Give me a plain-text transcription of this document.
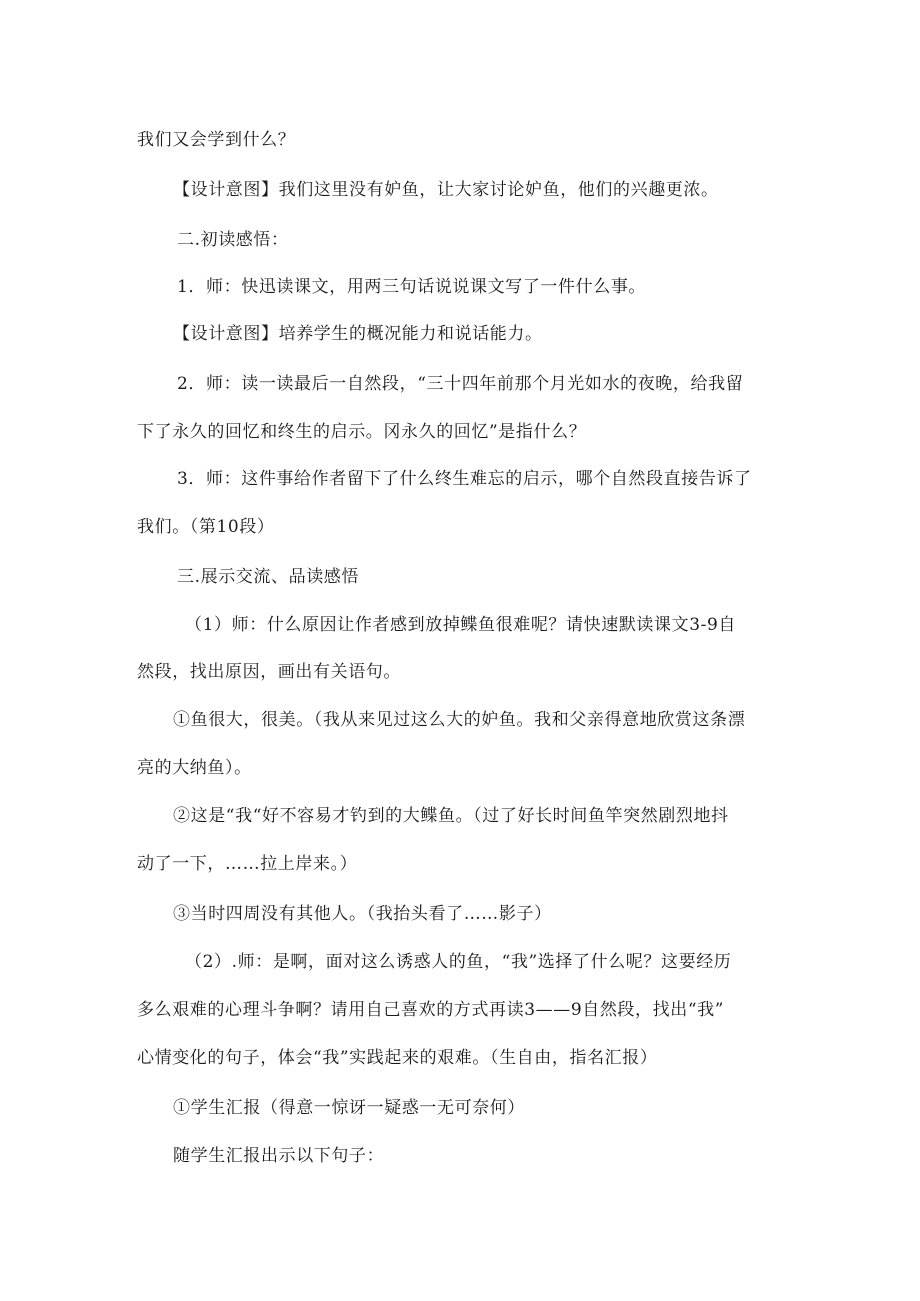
我们又会学到什么？
【设计意图】我们这里没有妒鱼，让大家讨论妒鱼，他们的兴趣更浓。
二.初读感悟：
1．师：快迅读课文，用两三句话说说课文写了一件什么事。
【设计意图】培养学生的概况能力和说话能力。
2．师：读一读最后一自然段，“三十四年前那个月光如水的夜晚，给我留
下了永久的回忆和终生的启示。冈永久的回忆”是指什么？
3．师：这件事给作者留下了什么终生难忘的启示，哪个自然段直接告诉了
我们。（第10段）
三.展示交流、品读感悟
（1）师：什么原因让作者感到放掉鲽鱼很难呢？请快速默读课文3-9自
然段，找出原因，画出有关语句。
①鱼很大，很美。（我从来见过这么大的妒鱼。我和父亲得意地欣赏这条漂
亮的大纳鱼）。
②这是“我“好不容易才钓到的大鲽鱼。（过了好长时间鱼竿突然剧烈地抖
动了一下，……拉上岸来。）
③当时四周没有其他人。（我抬头看了……影子）
（2）.师：是啊，面对这么诱惑人的鱼，“我”选择了什么呢？这要经历
多么艰难的心理斗争啊？请用自己喜欢的方式再读3——9自然段，找出“我”
心情变化的句子，体会“我”实践起来的艰难。（生自由，指名汇报）
①学生汇报（得意一惊讶一疑惑一无可奈何）
随学生汇报出示以下句子：
